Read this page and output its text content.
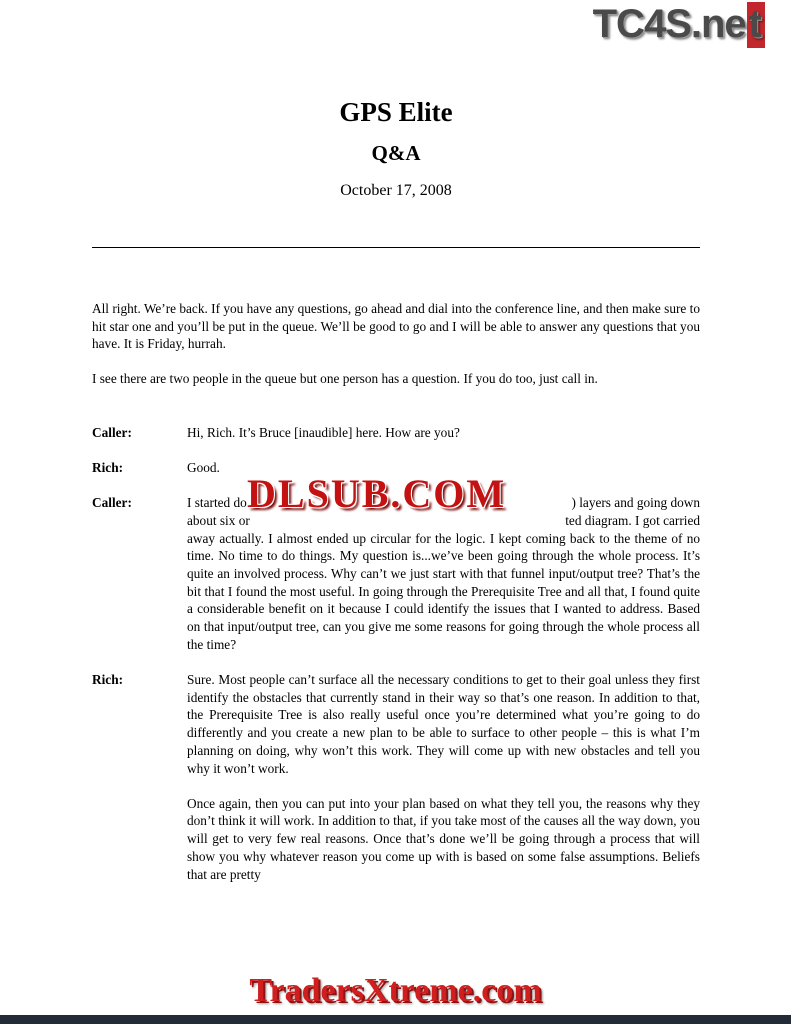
TC4S.net
GPS Elite
Q&A
October 17, 2008

All right. We’re back. If you have any questions, go ahead and dial into the conference line, and then make sure to hit star one and you’ll be put in the queue. We’ll be good to go and I will be able to answer any questions that you have. It is Friday, hurrah.

I see there are two people in the queue but one person has a question. If you do too, just call in.

Caller:	Hi, Rich. It’s Bruce [inaudible] here. How are you?
Rich:	Good.
Caller:	I started do	) layers and going down
about six or	ted diagram. I got carried
away actually. I almost ended up circular for the logic. I kept coming back to the theme of no time. No time to do things. My question is...we’ve been going through the whole process. It’s quite an involved process. Why can’t we just start with that funnel input/output tree? That’s the bit that I found the most useful. In going through the Prerequisite Tree and all that, I found quite a considerable benefit on it because I could identify the issues that I wanted to address. Based on that input/output tree, can you give me some reasons for going through the whole process all the time?
DLSUB.COM
Rich:	Sure. Most people can’t surface all the necessary conditions to get to their goal unless they first identify the obstacles that currently stand in their way so that’s one reason. In addition to that, the Prerequisite Tree is also really useful once you’re determined what you’re going to do differently and you create a new plan to be able to surface to other people – this is what I’m planning on doing, why won’t this work. They will come up with new obstacles and tell you why it won’t work.
Once again, then you can put into your plan based on what they tell you, the reasons why they don’t think it will work. In addition to that, if you take most of the causes all the way down, you will get to very few real reasons. Once that’s done we’ll be going through a process that will show you why whatever reason you come up with is based on some false assumptions. Beliefs that are pretty
TradersXtreme.com
